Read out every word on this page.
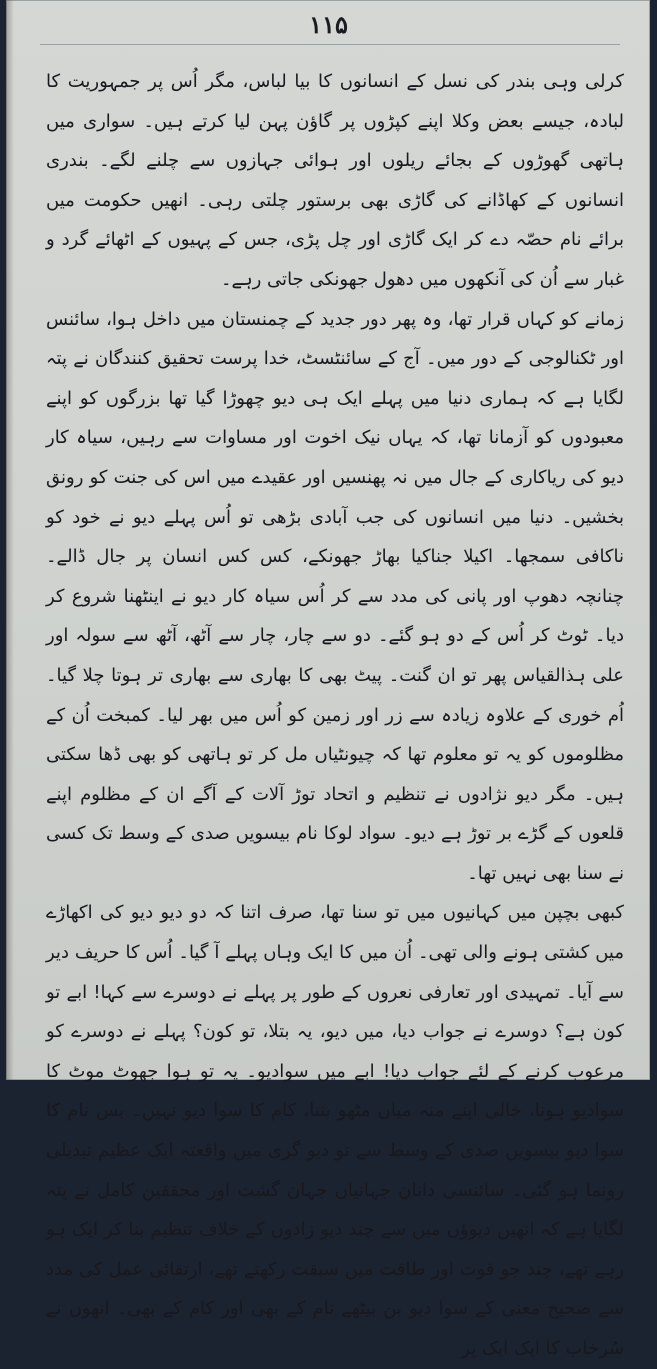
۱۱۵

کرلی وہی بندر کی نسل کے انسانوں کا بیا لباس، مگر اُس پر جمہوریت کا لبادہ، جیسے بعض وکلا اپنے کپڑوں پر گاؤن پہن لیا کرتے ہیں۔ سواری میں ہاتھی گھوڑوں کے بجائے ریلوں اور ہوائی جہازوں سے چلنے لگے۔ بندری انسانوں کے کھاڈانے کی گاڑی بھی برستور چلتی رہی۔ انھیں حکومت میں برائے نام حصّہ دے کر ایک گاڑی اور چل پڑی، جس کے پہیوں کے اٹھائے گرد و غبار سے اُن کی آنکھوں میں دھول جھونکی جاتی رہے۔

زمانے کو کہاں قرار تھا، وہ پھر دور جدید کے چمنستان میں داخل ہوا، سائنس اور ٹکنالوجی کے دور میں۔ آج کے سائنٹسٹ، خدا پرست تحقیق کنندگان نے پتہ لگایا ہے کہ ہماری دنیا میں پہلے ایک ہی دیو چھوڑا گیا تھا بزرگوں کو اپنے معبودوں کو آزمانا تھا، کہ یہاں نیک اخوت اور مساوات سے رہیں، سیاہ کار دیو کی ریاکاری کے جال میں نہ پھنسیں اور عقیدے میں اس کی جنت کو رونق بخشیں۔ دنیا میں انسانوں کی جب آبادی بڑھی تو اُس پہلے دیو نے خود کو ناکافی سمجھا۔ اکیلا جناکیا بھاڑ جھونکے، کس کس انسان پر جال ڈالے۔ چنانچہ دھوپ اور پانی کی مدد سے کر اُس سیاہ کار دیو نے اینٹھنا شروع کر دیا۔ ٹوٹ کر اُس کے دو ہو گئے۔ دو سے چار، چار سے آٹھ، آٹھ سے سولہ اور علی ہذالقیاس پھر تو ان گنت۔ پیٹ بھی کا بھاری سے بھاری تر ہوتا چلا گیا۔ اُم خوری کے علاوہ زیادہ سے زر اور زمین کو اُس میں بھر لیا۔ کمبخت اُن کے مظلوموں کو یہ تو معلوم تھا کہ چیونٹیاں مل کر تو ہاتھی کو بھی ڈھا سکتی ہیں۔ مگر دیو نژادوں نے تنظیم و اتحاد توڑ آلات کے آگے ان کے مظلوم اپنے قلعوں کے گڑے بر توڑ ہے دیو۔ سواد لوکا نام بیسویں صدی کے وسط تک کسی نے سنا بھی نہیں تھا۔

کبھی بچپن میں کہانیوں میں تو سنا تھا، صرف اتنا کہ دو دیو دیو کی اکھاڑے میں کشتی ہونے والی تھی۔ اُن میں کا ایک وہاں پہلے آ گیا۔ اُس کا حریف دیر سے آیا۔ تمہیدی اور تعارفی نعروں کے طور پر پہلے نے دوسرے سے کہا! ابے تو کون ہے؟ دوسرے نے جواب دیا، میں دیو، یہ بتلا، تو کون؟ پہلے نے دوسرے کو مرعوب کرنے کے لئے جواب دیا! ابے میں سوادیو۔ یہ تو ہوا جھوٹ موٹ کا سوادیو ہونا، خالی اپنے منہ میاں مٹھو بننا، کام کا سوا دیو نہیں۔ بس نام کا سوا دیو بیسویں صدی کے وسط سے تو دیو گری میں واقعتہ ایک عظیم تبدیلی رونما ہو گئی۔ سائنسی دانان جہانیاں جہان گشت اور محققین کامل نے پتہ لگایا ہے کہ انھیں دیوؤں میں سے چند دیو زادوں کے خلاف تنظیم بنا کر ایک ہو رہے تھے، چند جو قوت اور طاقت میں سبقت رکھتے تھے، ارتقائی عمل کی مدد سے صحیح معنی کے سوا دیو بن بیٹھے نام کے بھی اور کام کے بھی۔ انھوں نے سُرخاب کا ایک ایک پر
